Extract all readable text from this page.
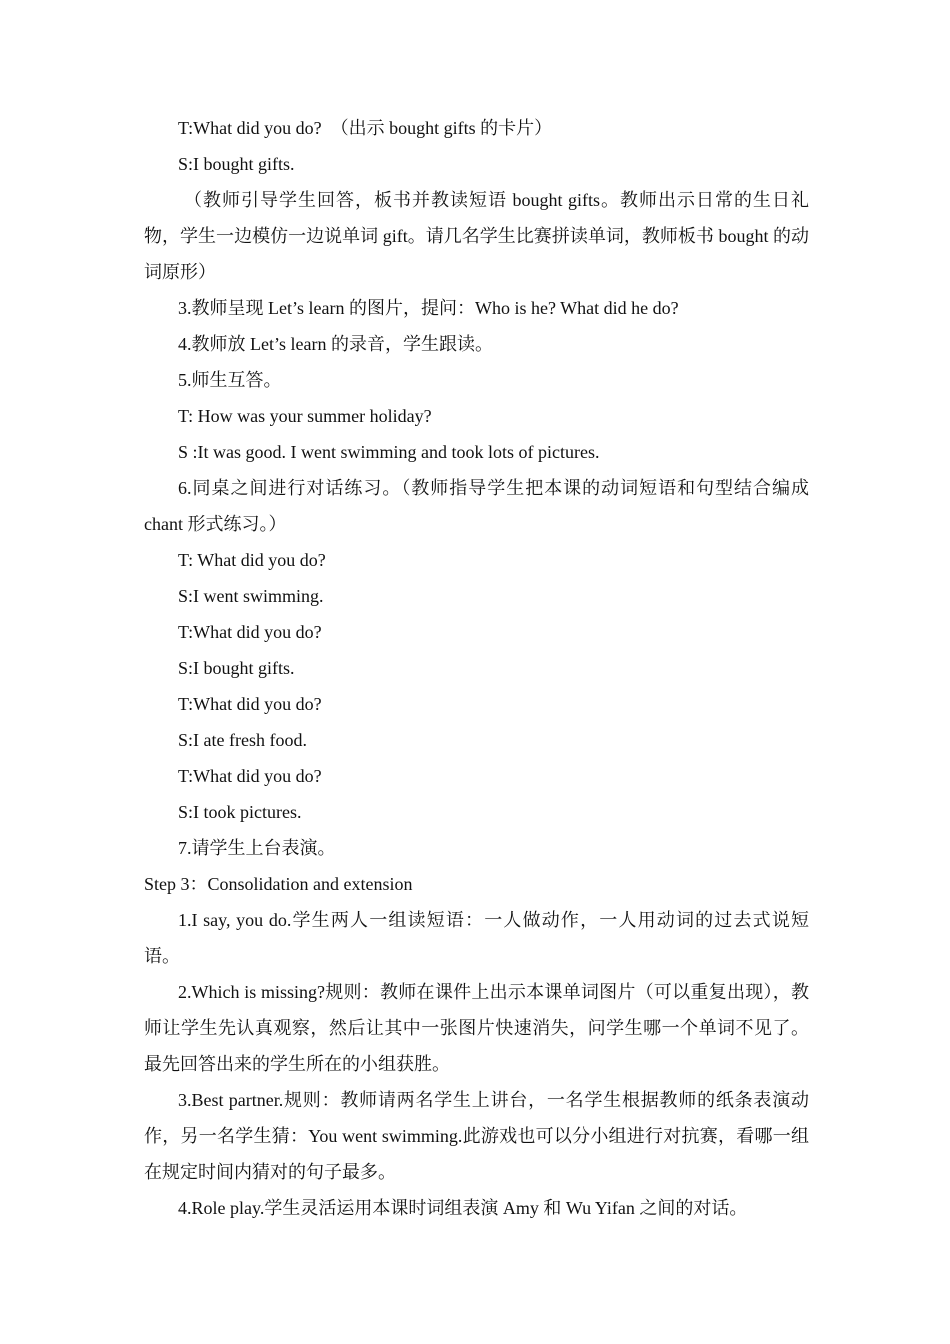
T:What did you do?　（出示 bought gifts 的卡片）

S:I bought gifts.

（教师引导学生回答，板书并教读短语 bought gifts。教师出示日常的生日礼物，学生一边模仿一边说单词 gift。请几名学生比赛拼读单词，教师板书 bought 的动词原形）

3.教师呈现 Let’s learn 的图片，提问：Who is he? What did he do?

4.教师放 Let’s learn 的录音，学生跟读。

5.师生互答。

T: How was your summer holiday?

S :It was good. I went swimming and took lots of pictures.

6.同桌之间进行对话练习。（教师指导学生把本课的动词短语和句型结合编成 chant 形式练习。）

T: What did you do?

S:I went swimming.

T:What did you do?

S:I bought gifts.

T:What did you do?

S:I ate fresh food.

T:What did you do?

S:I took pictures.

7.请学生上台表演。

Step 3：Consolidation and extension

1.I say, you do.学生两人一组读短语：一人做动作，一人用动词的过去式说短语。

2.Which is missing?规则：教师在课件上出示本课单词图片（可以重复出现），教师让学生先认真观察，然后让其中一张图片快速消失，问学生哪一个单词不见了。最先回答出来的学生所在的小组获胜。

3.Best partner.规则：教师请两名学生上讲台，一名学生根据教师的纸条表演动作，另一名学生猜：You went swimming.此游戏也可以分小组进行对抗赛，看哪一组在规定时间内猜对的句子最多。

4.Role play.学生灵活运用本课时词组表演 Amy 和 Wu Yifan 之间的对话。
